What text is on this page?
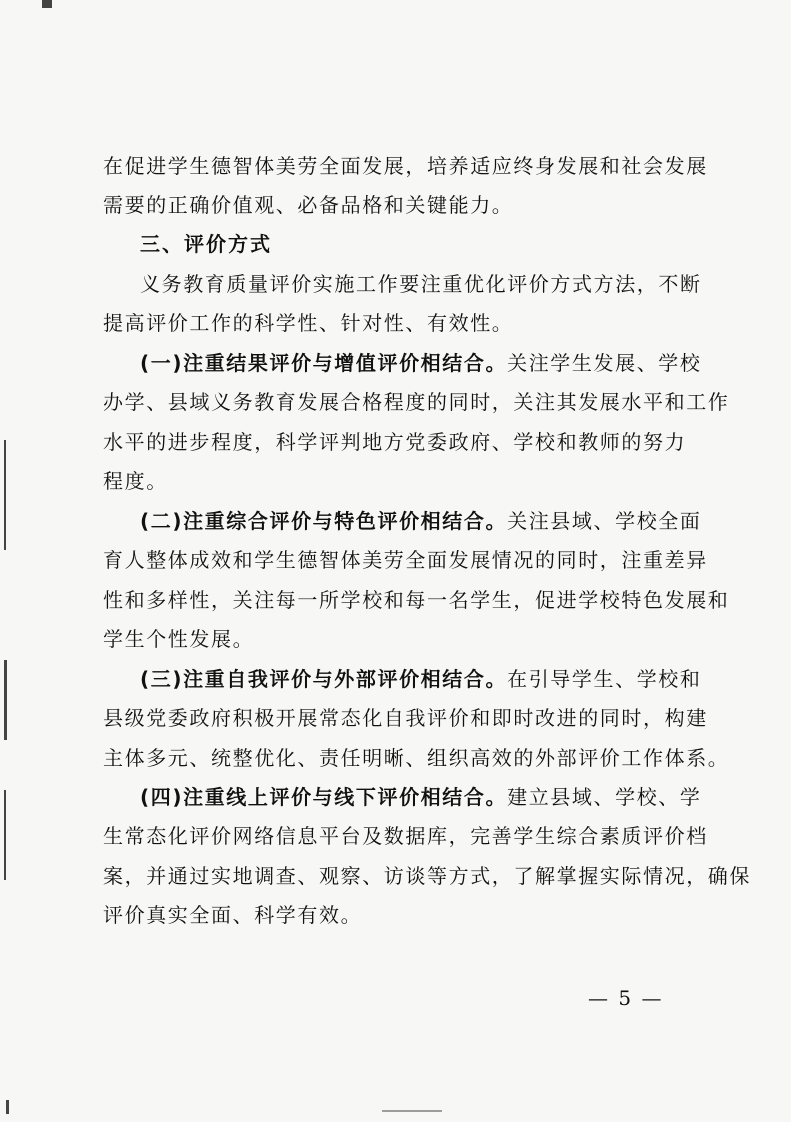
在促进学生德智体美劳全面发展，培养适应终身发展和社会发展
需要的正确价值观、必备品格和关键能力。
三、评价方式
义务教育质量评价实施工作要注重优化评价方式方法，不断
提高评价工作的科学性、针对性、有效性。
(一)注重结果评价与增值评价相结合。关注学生发展、学校
办学、县域义务教育发展合格程度的同时，关注其发展水平和工作
水平的进步程度，科学评判地方党委政府、学校和教师的努力
程度。
(二)注重综合评价与特色评价相结合。关注县域、学校全面
育人整体成效和学生德智体美劳全面发展情况的同时，注重差异
性和多样性，关注每一所学校和每一名学生，促进学校特色发展和
学生个性发展。
(三)注重自我评价与外部评价相结合。在引导学生、学校和
县级党委政府积极开展常态化自我评价和即时改进的同时，构建
主体多元、统整优化、责任明晰、组织高效的外部评价工作体系。
(四)注重线上评价与线下评价相结合。建立县域、学校、学
生常态化评价网络信息平台及数据库，完善学生综合素质评价档
案，并通过实地调查、观察、访谈等方式，了解掌握实际情况，确保
评价真实全面、科学有效。
— 5 —
